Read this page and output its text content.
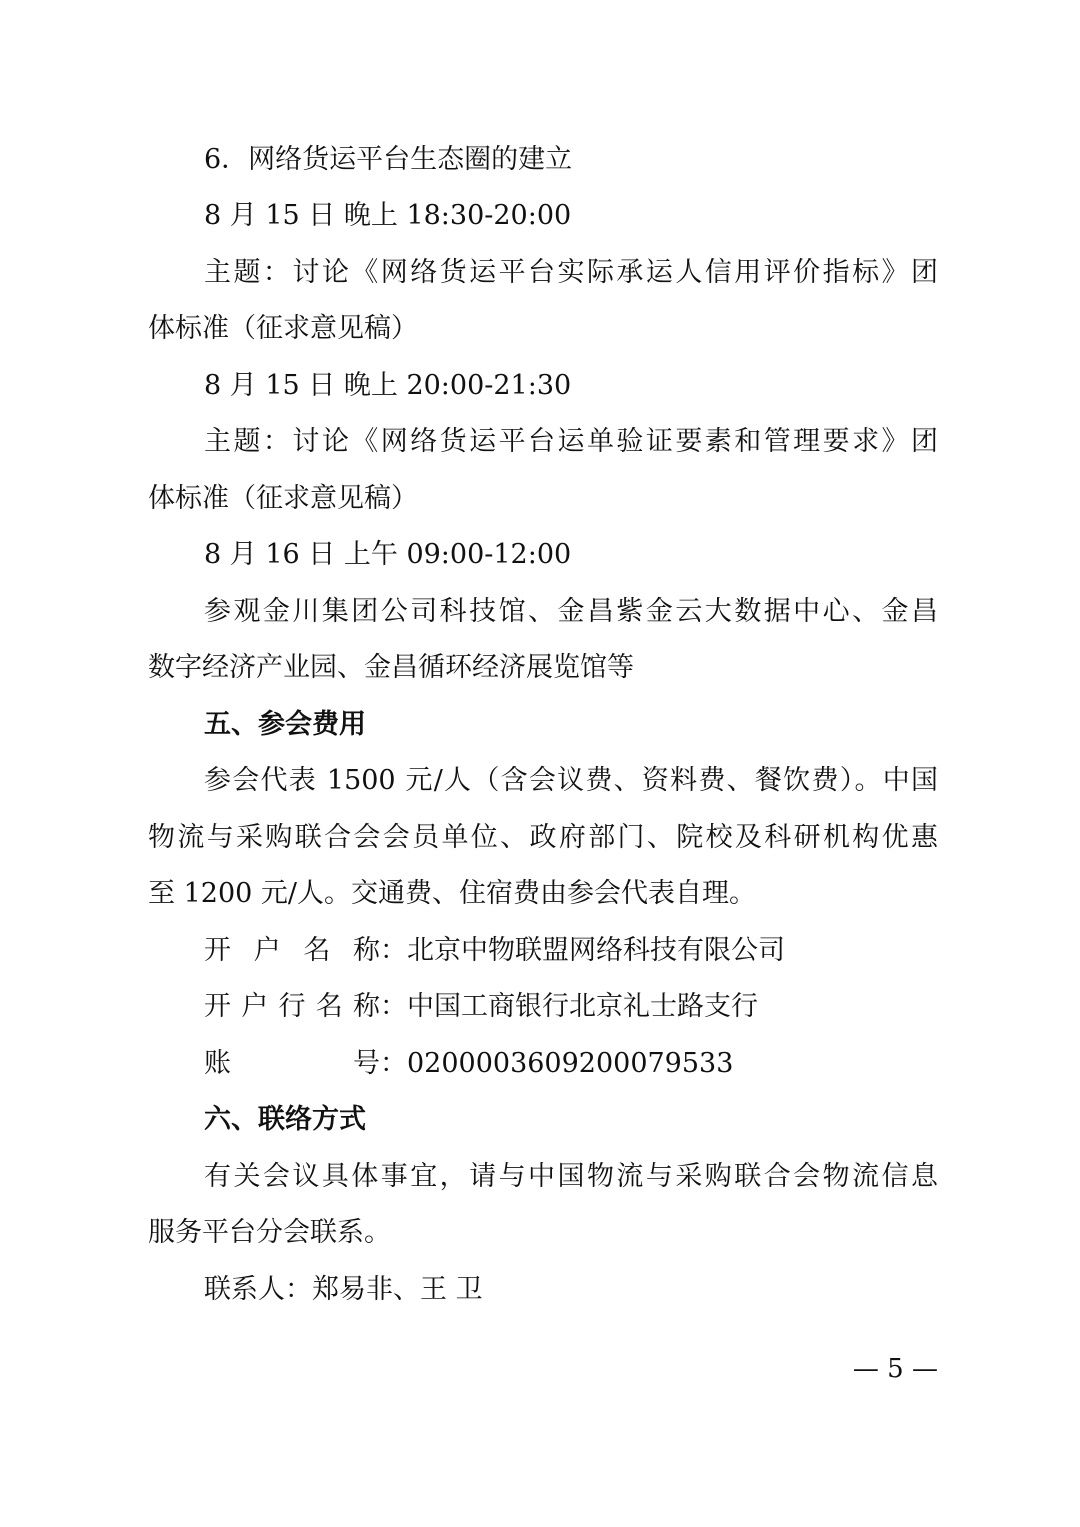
6．网络货运平台生态圈的建立
8 月 15 日 晚上 18:30-20:00
主题：讨论《网络货运平台实际承运人信用评价指标》团
体标准（征求意见稿）
8 月 15 日 晚上 20:00-21:30
主题：讨论《网络货运平台运单验证要素和管理要求》团
体标准（征求意见稿）
8 月 16 日 上午 09:00-12:00
参观金川集团公司科技馆、金昌紫金云大数据中心、金昌
数字经济产业园、金昌循环经济展览馆等
五、参会费用
参会代表 1500 元/人（含会议费、资料费、餐饮费）。中国
物流与采购联合会会员单位、政府部门、院校及科研机构优惠
至 1200 元/人。交通费、住宿费由参会代表自理。
开户名称：北京中物联盟网络科技有限公司
开户行名称：中国工商银行北京礼士路支行
账号：0200003609200079533
六、联络方式
有关会议具体事宜，请与中国物流与采购联合会物流信息
服务平台分会联系。
联系人：郑易非、王 卫
— 5 —
